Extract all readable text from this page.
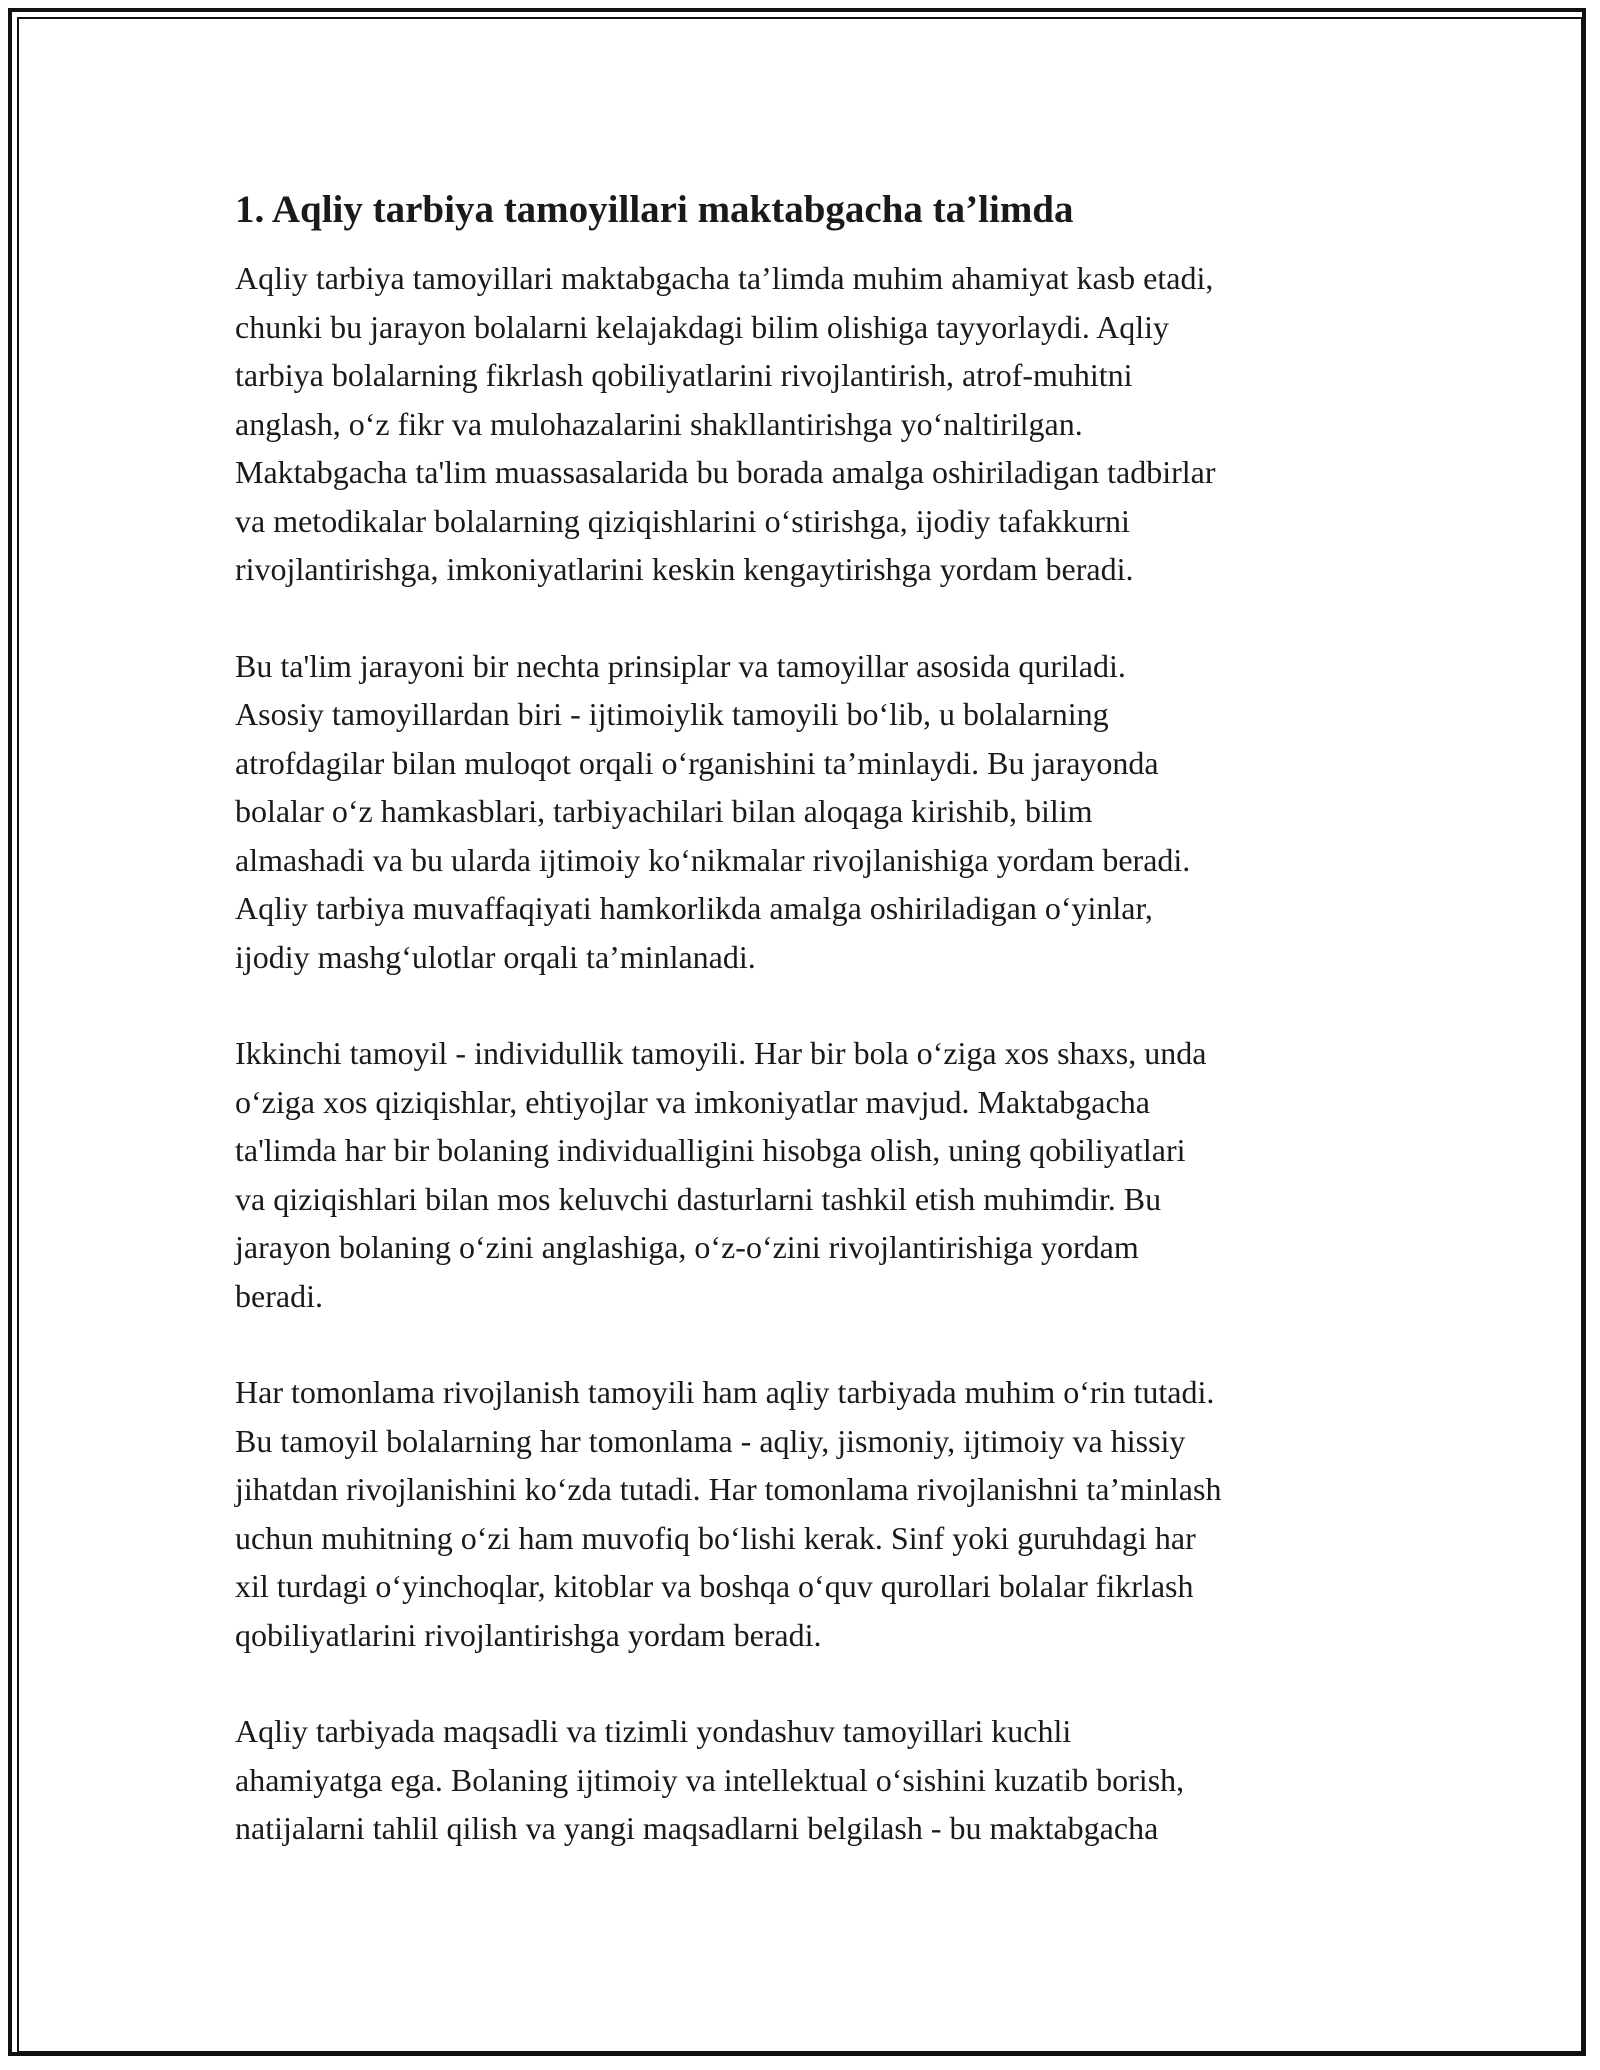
1. Aqliy tarbiya tamoyillari maktabgacha ta’limda
Aqliy tarbiya tamoyillari maktabgacha ta’limda muhim ahamiyat kasb etadi,
chunki bu jarayon bolalarni kelajakdagi bilim olishiga tayyorlaydi. Aqliy
tarbiya bolalarning fikrlash qobiliyatlarini rivojlantirish, atrof-muhitni
anglash, o‘z fikr va mulohazalarini shakllantirishga yo‘naltirilgan.
Maktabgacha ta'lim muassasalarida bu borada amalga oshiriladigan tadbirlar
va metodikalar bolalarning qiziqishlarini o‘stirishga, ijodiy tafakkurni
rivojlantirishga, imkoniyatlarini keskin kengaytirishga yordam beradi.
Bu ta'lim jarayoni bir nechta prinsiplar va tamoyillar asosida quriladi.
Asosiy tamoyillardan biri - ijtimoiylik tamoyili bo‘lib, u bolalarning
atrofdagilar bilan muloqot orqali o‘rganishini ta’minlaydi. Bu jarayonda
bolalar o‘z hamkasblari, tarbiyachilari bilan aloqaga kirishib, bilim
almashadi va bu ularda ijtimoiy ko‘nikmalar rivojlanishiga yordam beradi.
Aqliy tarbiya muvaffaqiyati hamkorlikda amalga oshiriladigan o‘yinlar,
ijodiy mashg‘ulotlar orqali ta’minlanadi.
Ikkinchi tamoyil - individullik tamoyili. Har bir bola o‘ziga xos shaxs, unda
o‘ziga xos qiziqishlar, ehtiyojlar va imkoniyatlar mavjud. Maktabgacha
ta'limda har bir bolaning individualligini hisobga olish, uning qobiliyatlari
va qiziqishlari bilan mos keluvchi dasturlarni tashkil etish muhimdir. Bu
jarayon bolaning o‘zini anglashiga, o‘z-o‘zini rivojlantirishiga yordam
beradi.
Har tomonlama rivojlanish tamoyili ham aqliy tarbiyada muhim o‘rin tutadi.
Bu tamoyil bolalarning har tomonlama - aqliy, jismoniy, ijtimoiy va hissiy
jihatdan rivojlanishini ko‘zda tutadi. Har tomonlama rivojlanishni ta’minlash
uchun muhitning o‘zi ham muvofiq bo‘lishi kerak. Sinf yoki guruhdagi har
xil turdagi o‘yinchoqlar, kitoblar va boshqa o‘quv qurollari bolalar fikrlash
qobiliyatlarini rivojlantirishga yordam beradi.
Aqliy tarbiyada maqsadli va tizimli yondashuv tamoyillari kuchli
ahamiyatga ega. Bolaning ijtimoiy va intellektual o‘sishini kuzatib borish,
natijalarni tahlil qilish va yangi maqsadlarni belgilash - bu maktabgacha
